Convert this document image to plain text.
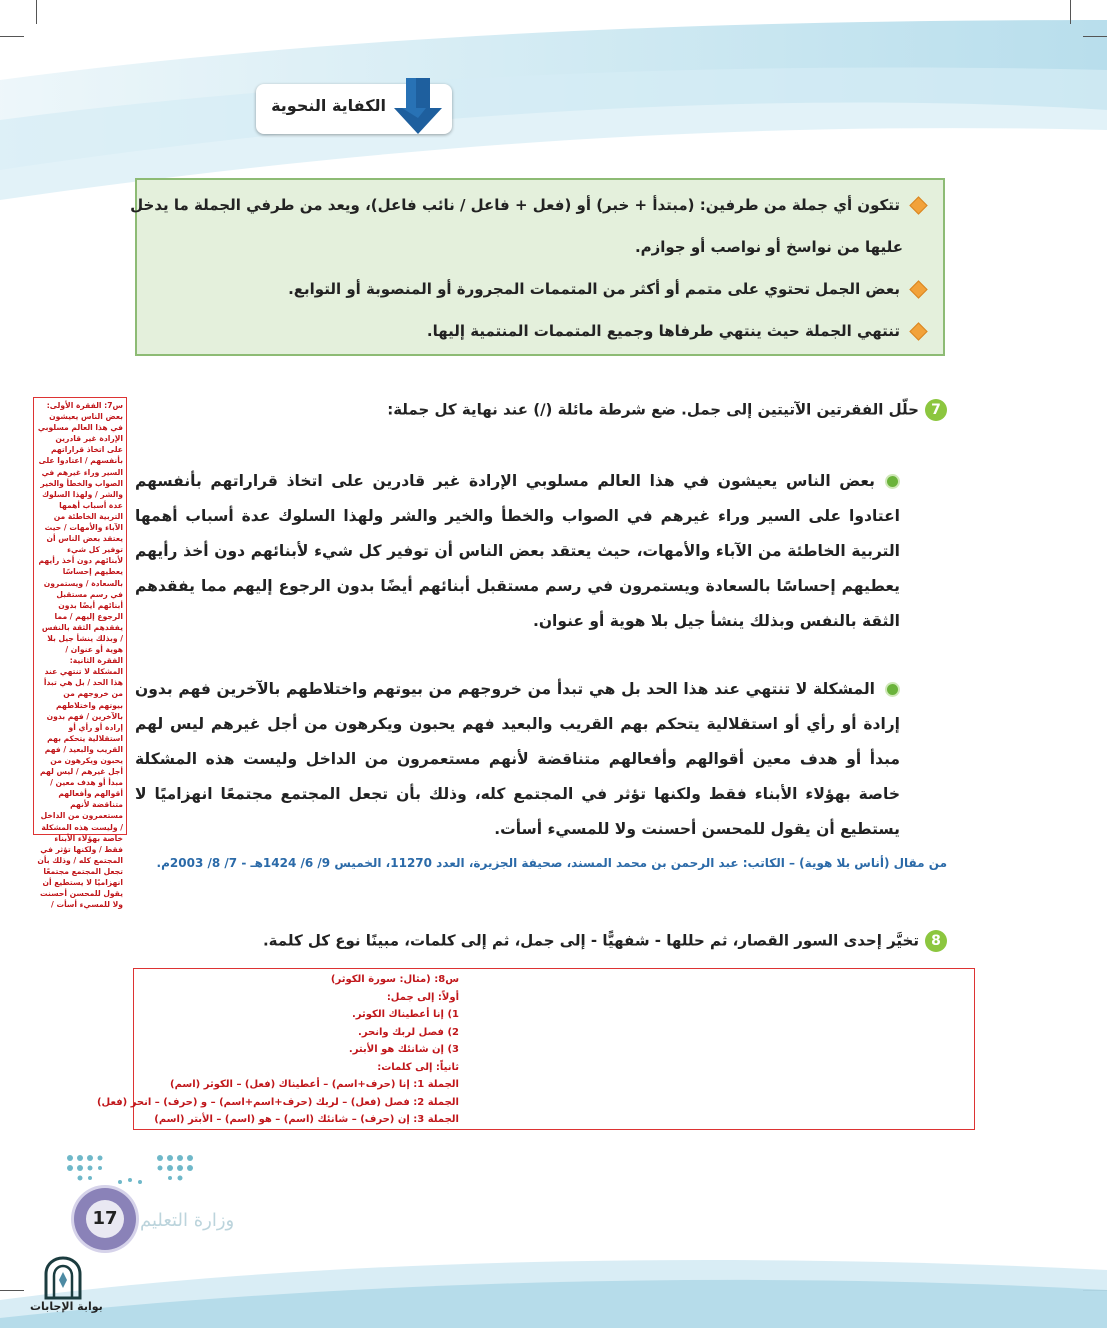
الكفاية النحوية
تتكون أي جملة من طرفين: (مبتدأ + خبر) أو (فعل + فاعل / نائب فاعل)، ويعد من طرفي الجملة ما يدخل
عليها من نواسخ أو نواصب أو جوازم.
بعض الجمل تحتوي على متمم أو أكثر من المتممات المجرورة أو المنصوبة أو التوابع.
تنتهي الجملة حيث ينتهي طرفاها وجميع المتممات المنتمية إليها.
7حلّل الفقرتين الآتيتين إلى جمل. ضع شرطة مائلة (/) عند نهاية كل جملة:
بعض الناس يعيشون في هذا العالم مسلوبي الإرادة غير قادرين على اتخاذ قراراتهم بأنفسهم اعتادوا على السير وراء غيرهم في الصواب والخطأ والخير والشر ولهذا السلوك عدة أسباب أهمها التربية الخاطئة من الآباء والأمهات، حيث يعتقد بعض الناس أن توفير كل شيء لأبنائهم دون أخذ رأيهم يعطيهم إحساسًا بالسعادة ويستمرون في رسم مستقبل أبنائهم أيضًا بدون الرجوع إليهم مما يفقدهم الثقة بالنفس وبذلك ينشأ جيل بلا هوية أو عنوان.
المشكلة لا تنتهي عند هذا الحد بل هي تبدأ من خروجهم من بيوتهم واختلاطهم بالآخرين فهم بدون إرادة أو رأي أو استقلالية يتحكم بهم القريب والبعيد فهم يحبون ويكرهون من أجل غيرهم ليس لهم مبدأ أو هدف معين أقوالهم وأفعالهم متناقضة لأنهم مستعمرون من الداخل وليست هذه المشكلة خاصة بهؤلاء الأبناء فقط ولكنها تؤثر في المجتمع كله، وذلك بأن تجعل المجتمع مجتمعًا انهزاميًا لا يستطيع أن يقول للمحسن أحسنت ولا للمسيء أسأت.
من مقال (أناس بلا هوية) – الكاتب: عبد الرحمن بن محمد المسند، صحيفة الجزيرة، العدد 11270، الخميس 9/ 6/ 1424هـ - 7/ 8/ 2003م.

س7: الفقرة الأولى:

بعض الناس يعيشون في هذا العالم مسلوبي الإرادة غير قادرين على اتخاذ قراراتهم بأنفسهم / اعتادوا على السير وراء غيرهم في الصواب والخطأ والخير والشر / ولهذا السلوك عدة أسباب أهمها التربية الخاطئة من الآباء والأمهات / حيث يعتقد بعض الناس أن توفير كل شيء لأبنائهم دون أخذ رأيهم يعطيهم إحساسًا بالسعادة / ويستمرون في رسم مستقبل أبنائهم أيضًا بدون الرجوع إليهم / مما يفقدهم الثقة بالنفس / وبذلك ينشأ جيل بلا هوية أو عنوان /

الفقرة الثانية:

المشكلة لا تنتهي عند هذا الحد / بل هي تبدأ من خروجهم من بيوتهم واختلاطهم بالآخرين / فهم بدون إرادة أو رأي أو استقلالية يتحكم بهم القريب والبعيد / فهم يحبون ويكرهون من أجل غيرهم / ليس لهم مبدأ أو هدف معين / أقوالهم وأفعالهم متناقضة لأنهم مستعمرون من الداخل / وليست هذه المشكلة خاصة بهؤلاء الأبناء فقط / ولكنها تؤثر في المجتمع كله / وذلك بأن تجعل المجتمع مجتمعًا انهزاميًا لا يستطيع أن يقول للمحسن أحسنت ولا للمسيء أسأت /

8تخيَّر إحدى السور القصار، ثم حللها - شفهيًّا - إلى جمل، ثم إلى كلمات، مبينًا نوع كل كلمة.

س8: (مثال: سورة الكوثر)

أولاً: إلى جمل:

1) إنا أعطيناك الكوثر.

2) فصل لربك وانحر.

3) إن شانئك هو الأبتر.

ثانياً: إلى كلمات:

الجملة 1: إنا (حرف+اسم) – أعطيناك (فعل) – الكوثر (اسم)

الجملة 2: فصل (فعل) – لربك (حرف+اسم+اسم) – و (حرف) – انحر (فعل)

الجملة 3: إن (حرف) – شانئك (اسم) – هو (اسم) – الأبتر (اسم)

17	وزارة التعليم
بوابة الإجابات
